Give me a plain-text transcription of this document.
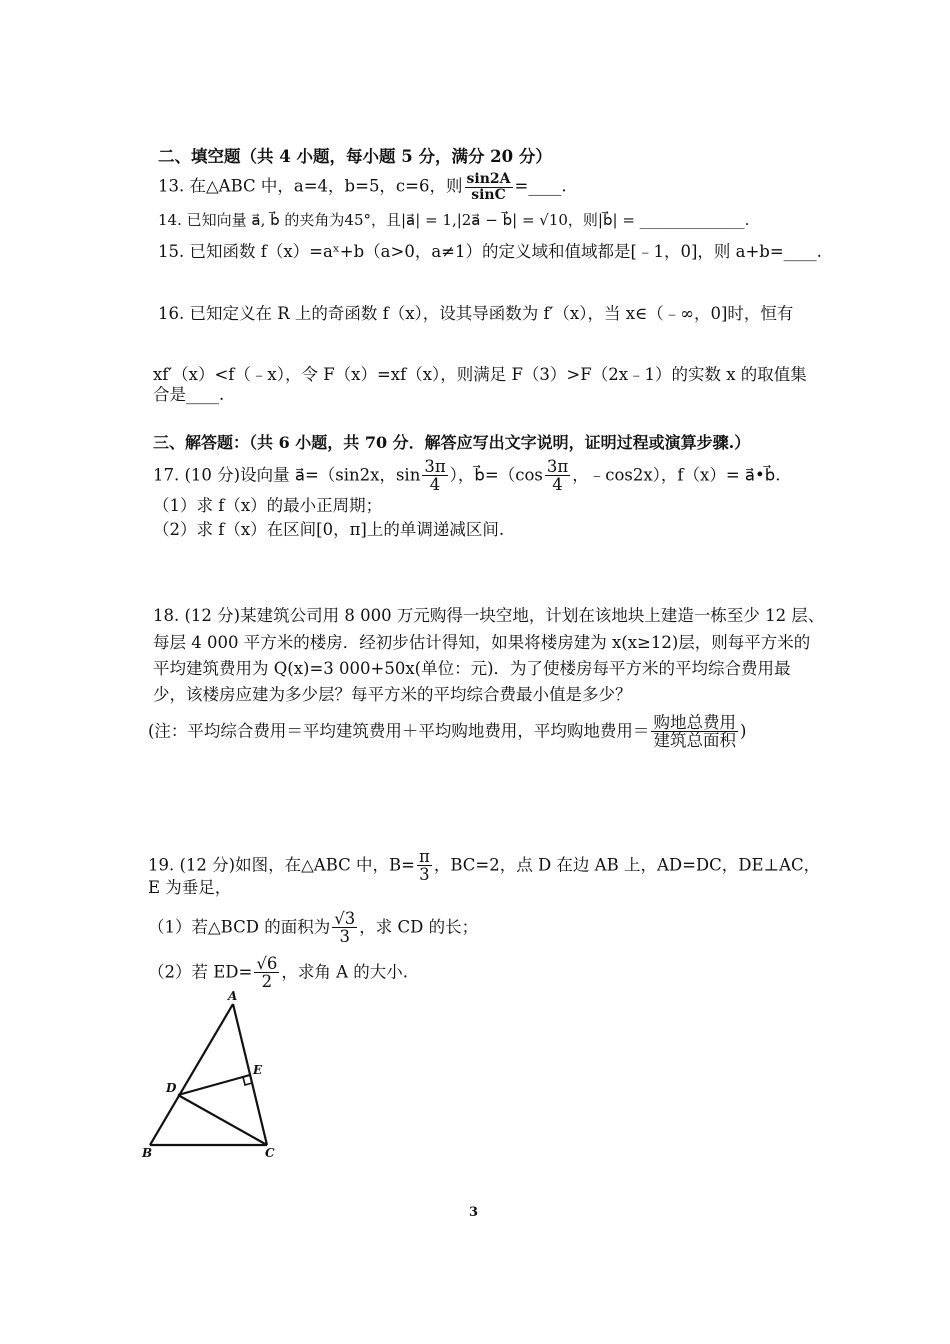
二、填空题（共 4 小题，每小题 5 分，满分 20 分）
13. 在△ABC 中，a=4，b=5，c=6，则 $\frac{\sin 2A}{\sin C}$ =____.
14. 已知向量 a⃗, b⃗ 的夹角为45°，且|a⃗| = 1,|2a⃗ − b⃗| = √10，则|b⃗| = ______________.
15. 已知函数 f（x）=aˣ+b（a>0，a≠1）的定义域和值域都是[﹣1，0]，则 a+b=____.
16. 已知定义在 R 上的奇函数 f（x），设其导函数为 f′（x），当 x∈（﹣∞，0]时，恒有
xf′（x）<f（﹣x），令 F（x）=xf（x），则满足 F（3）>F（2x﹣1）的实数 x 的取值集
合是____.
三、解答题：（共 6 小题，共 70 分．解答应写出文字说明，证明过程或演算步骤.）
17. (10 分)设向量 a⃗=（sin2x，$\sin \frac{3\pi}{4}$ ），b⃗=（cos $\frac{3\pi}{4}$ ，﹣cos2x），f（x）= a⃗•b⃗.
（1）求 f（x）的最小正周期；
（2）求 f（x）在区间[0，π]上的单调递减区间.
18. (12 分)某建筑公司用 8 000 万元购得一块空地，计划在该地块上建造一栋至少 12 层、
每层 4 000 平方米的楼房．经初步估计得知，如果将楼房建为 x(x≥12)层，则每平方米的
平均建筑费用为 Q(x)=3 000+50x(单位：元)．为了使楼房每平方米的平均综合费用最
少，该楼房应建为多少层？每平方米的平均综合费最小值是多少？
(注：平均综合费用＝平均建筑费用＋平均购地费用，平均购地费用＝ $\frac{\text{购地总费用}}{\text{建筑总面积}}$ )
19. (12 分)如图，在△ABC 中，$B= \frac{\pi}{3}$ ，BC=2，点 D 在边 AB 上，AD=DC，DE⊥AC，
E 为垂足，
（1）若△BCD 的面积为 $\frac{√3}{3}$ ，求 CD 的长；
（2）若 $ED= \frac{√6}{2}$ ，求角 A 的大小.
A
B	C
D
E
3
